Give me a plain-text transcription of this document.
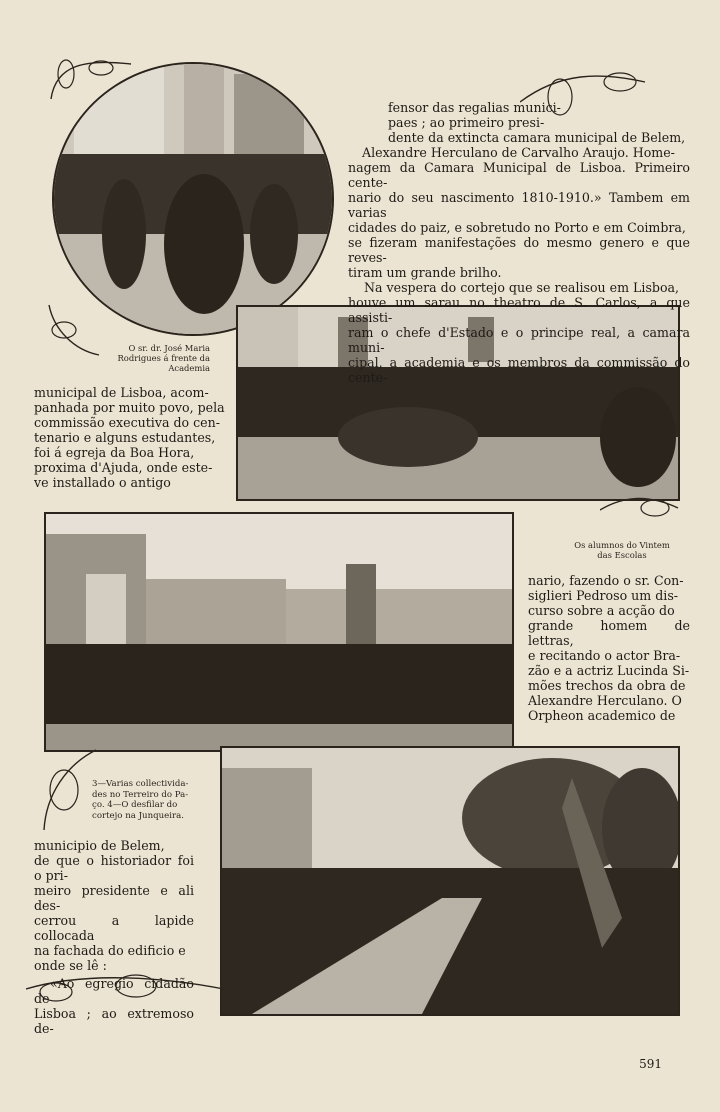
fensor das regalias munici-

paes ; ao primeiro presi-

dente da extincta camara municipal de Belem,

Alexandre Herculano de Carvalho Araujo. Home-

nagem da Camara Municipal de Lisboa. Primeiro cente-

nario do seu nascimento 1810-1910.» Tambem em varias

cidades do paiz, e sobretudo no Porto e em Coimbra,

se fizeram manifestações do mesmo genero e que reves-

tiram um grande brilho.

Na vespera do cortejo que se realisou em Lisboa,

houve um sarau no theatro de S. Carlos, a que assisti-

ram o chefe d'Estado e o principe real, a camara muni-

cipal, a academia e os membros da commissão do cente-

O sr. dr. José Maria
Rodrigues á frente da
Academia

municipal de Lisboa, acom-

panhada por muito povo, pela

commissão executiva do cen-

tenario e alguns estudantes,

foi á egreja da Boa Hora,

proxima d'Ajuda, onde este-

ve installado o antigo

Os alumnos do Vintem
das Escolas

nario, fazendo o sr. Con-

siglieri Pedroso um dis-

curso sobre a acção do

grande homem de lettras,

e recitando o actor Bra-

zão e a actriz Lucinda Si-

mões trechos da obra de

Alexandre Herculano. O

Orpheon academico de

3—Varias collectivida-
des no Terreiro do Pa-
ço. 4—O desfilar do
cortejo na Junqueira.

municipio de Belem,

de que o historiador foi o pri-

meiro presidente e ali des-

cerrou a lapide collocada

na fachada do edificio e

onde se lê :

«Ao egregio cidadão de

Lisboa ; ao extremoso de-

591
